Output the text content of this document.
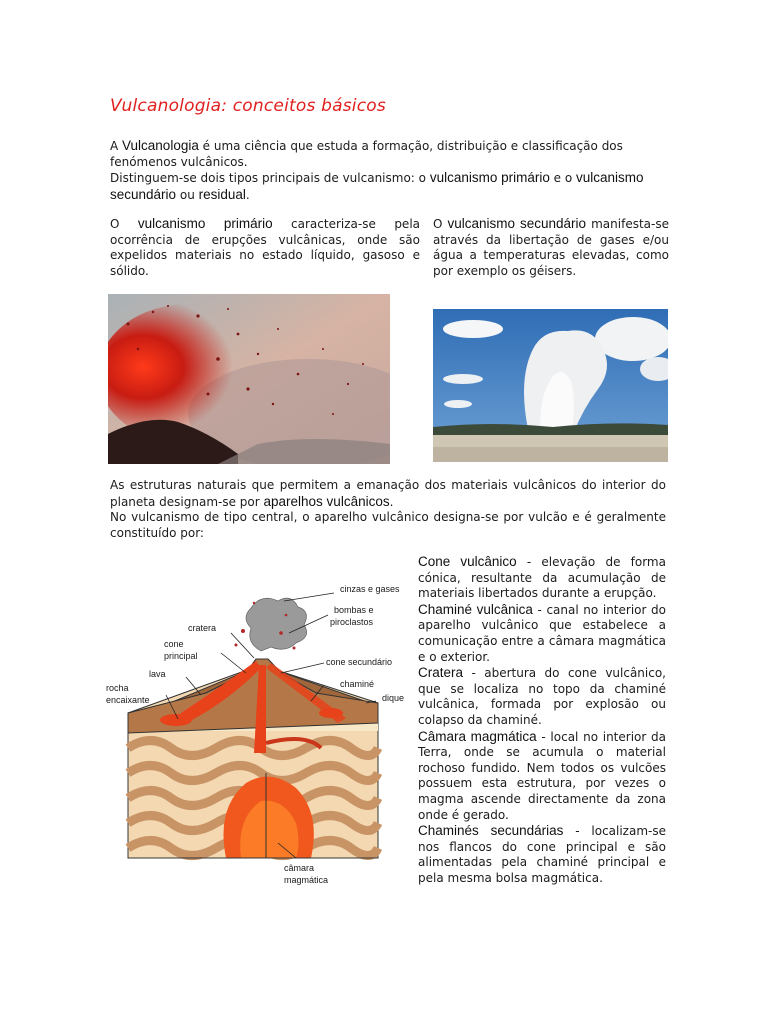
Vulcanologia: conceitos básicos
A Vulcanologia é uma ciência que estuda a formação, distribuição e classificação dos fenómenos vulcânicos.
Distinguem-se dois tipos principais de vulcanismo: o vulcanismo primário e o vulcanismo secundário ou residual.
O vulcanismo primário caracteriza-se pela ocorrência de erupções vulcânicas, onde são expelidos materiais no estado líquido, gasoso e sólido.
O vulcanismo secundário manifesta-se através da libertação de gases e/ou água a temperaturas elevadas, como por exemplo os géisers.
As estruturas naturais que permitem a emanação dos materiais vulcânicos do interior do planeta designam-se por aparelhos vulcânicos.
No vulcanismo de tipo central, o aparelho vulcânico designa-se por vulcão e é geralmente constituído por:
cinzas e gases
bombas e
piroclastos
cratera
cone
principal
lava
rocha
encaixante
cone secundário
chaminé
dique
câmara
magmática
Cone vulcânico - elevação de forma cónica, resultante da acumulação de materiais libertados durante a erupção.
Chaminé vulcânica - canal no interior do aparelho vulcânico que estabelece a comunicação entre a câmara magmática e o exterior.
Cratera - abertura do cone vulcânico, que se localiza no topo da chaminé vulcânica, formada por explosão ou colapso da chaminé.
Câmara magmática - local no interior da Terra, onde se acumula o material rochoso fundido. Nem todos os vulcões possuem esta estrutura, por vezes o magma ascende directamente da zona onde é gerado.
Chaminés secundárias - localizam-se nos flancos do cone principal e são alimentadas pela chaminé principal e pela mesma bolsa magmática.
